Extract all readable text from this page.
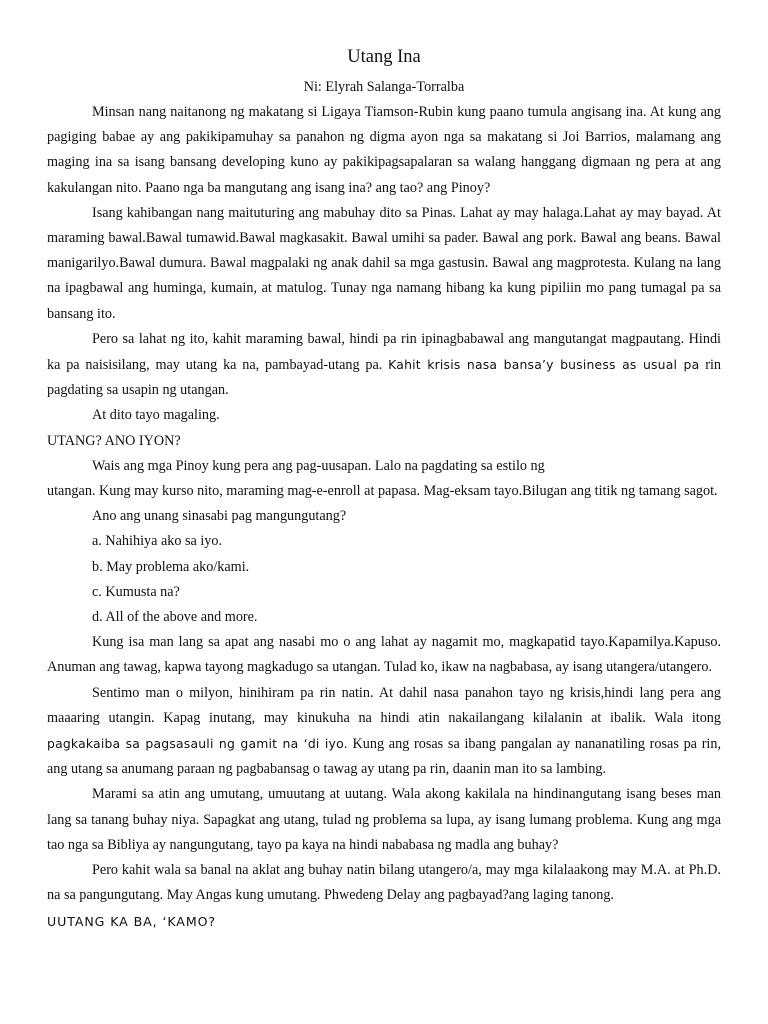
Utang Ina
Ni: Elyrah Salanga-Torralba

Minsan nang naitanong ng makatang si Ligaya Tiamson-Rubin kung paano tumula angisang ina. At kung ang pagiging babae ay ang pakikipamuhay sa panahon ng digma ayon nga sa makatang si Joi Barrios, malamang ang maging ina sa isang bansang developing kuno ay pakikipagsapalaran sa walang hanggang digmaan ng pera at ang kakulangan nito. Paano nga ba mangutang ang isang ina? ang tao? ang Pinoy?

Isang kahibangan nang maituturing ang mabuhay dito sa Pinas. Lahat ay may halaga.Lahat ay may bayad. At maraming bawal.Bawal tumawid.Bawal magkasakit. Bawal umihi sa pader. Bawal ang pork. Bawal ang beans. Bawal manigarilyo.Bawal dumura. Bawal magpalaki ng anak dahil sa mga gastusin. Bawal ang magprotesta. Kulang na lang na ipagbawal ang huminga, kumain, at matulog. Tunay nga namang hibang ka kung pipiliin mo pang tumagal pa sa bansang ito.

Pero sa lahat ng ito, kahit maraming bawal, hindi pa rin ipinagbabawal ang mangutangat magpautang. Hindi ka pa naisisilang, may utang ka na, pambayad-utang pa. Kahit krisis nasa bansa’y business as usual pa rin pagdating sa usapin ng utangan.

At dito tayo magaling.

UTANG? ANO IYON?

Wais ang mga Pinoy kung pera ang pag-uusapan. Lalo na pagdating sa estilo ng

utangan. Kung may kurso nito, maraming mag-e-enroll at papasa. Mag-eksam tayo.Bilugan ang titik ng tamang sagot.

Ano ang unang sinasabi pag mangungutang?

a. Nahihiya ako sa iyo.

b. May problema ako/kami.

c. Kumusta na?

d. All of the above and more.

Kung isa man lang sa apat ang nasabi mo o ang lahat ay nagamit mo, magkapatid tayo.Kapamilya.Kapuso. Anuman ang tawag, kapwa tayong magkadugo sa utangan. Tulad ko, ikaw na nagbabasa, ay isang utangera/utangero.

Sentimo man o milyon, hinihiram pa rin natin. At dahil nasa panahon tayo ng krisis,hindi lang pera ang maaaring utangin. Kapag inutang, may kinukuha na hindi atin nakailangang kilalanin at ibalik. Wala itong pagkakaiba sa pagsasauli ng gamit na ‘di iyo. Kung ang rosas sa ibang pangalan ay nananatiling rosas pa rin, ang utang sa anumang paraan ng pagbabansag o tawag ay utang pa rin, daanin man ito sa lambing.

Marami sa atin ang umutang, umuutang at uutang. Wala akong kakilala na hindinangutang isang beses man lang sa tanang buhay niya. Sapagkat ang utang, tulad ng problema sa lupa, ay isang lumang problema. Kung ang mga tao nga sa Bibliya ay nangungutang, tayo pa kaya na hindi nababasa ng madla ang buhay?

Pero kahit wala sa banal na aklat ang buhay natin bilang utangero/a, may mga kilalaakong may M.A. at Ph.D. na sa pangungutang. May Angas kung umutang. Phwedeng Delay ang pagbayad?ang laging tanong.

UUTANG KA BA, ‘KAMO?
